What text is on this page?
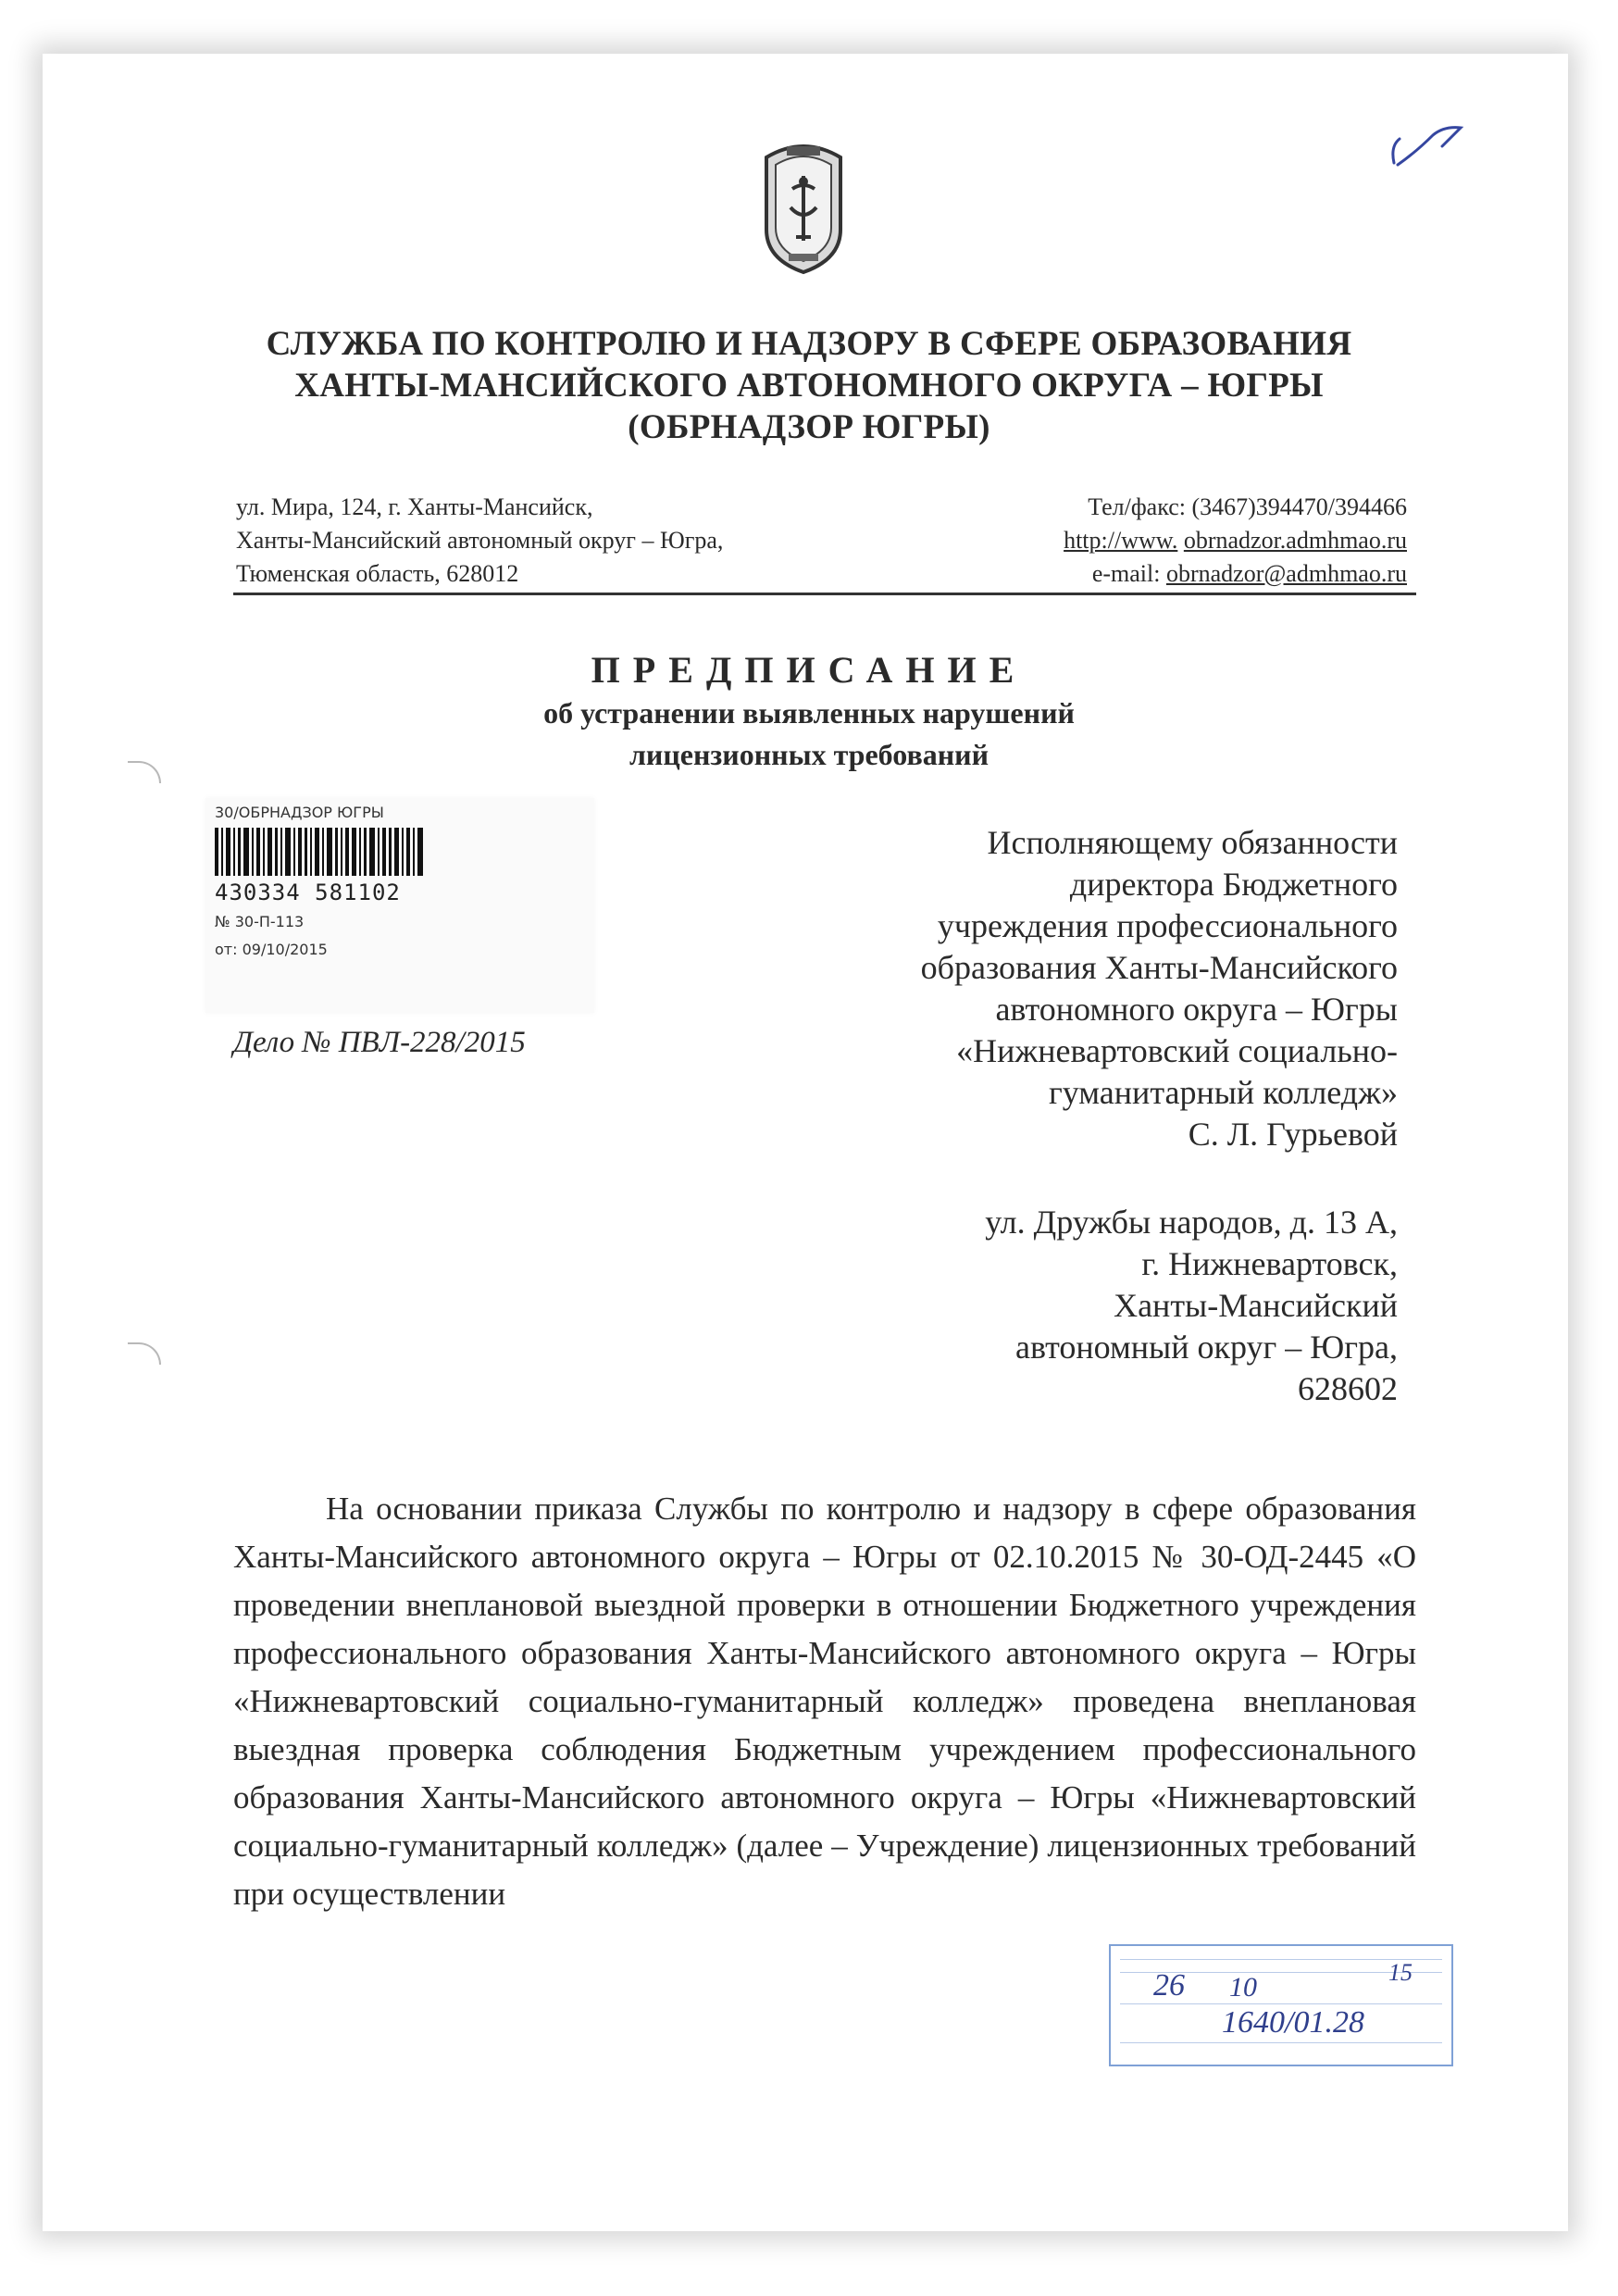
СЛУЖБА ПО КОНТРОЛЮ И НАДЗОРУ В СФЕРЕ ОБРАЗОВАНИЯ
ХАНТЫ-МАНСИЙСКОГО АВТОНОМНОГО ОКРУГА – ЮГРЫ
(ОБРНАДЗОР ЮГРЫ)
ул. Мира, 124, г. Ханты-Мансийск,
Ханты-Мансийский автономный округ – Югра,
Тюменская область, 628012
Тел/факс: (3467)394470/394466
http://www. obrnadzor.admhmao.ru
e-mail: obrnadzor@admhmao.ru
ПРЕДПИСАНИЕ
об устранении выявленных нарушений
лицензионных требований
30/ОБРНАДЗОР ЮГРЫ
430334 581102
№ 30-П-113
от: 09/10/2015
Дело № ПВЛ-228/2015
Исполняющему обязанности
директора Бюджетного
учреждения профессионального
образования Ханты-Мансийского
автономного округа – Югры
«Нижневартовский социально-
гуманитарный колледж»
С. Л. Гурьевой
ул. Дружбы народов, д. 13 А,
г. Нижневартовск,
Ханты-Мансийский
автономный округ – Югра,
628602

На основании приказа Службы по контролю и надзору в сфере образования Ханты-Мансийского автономного округа – Югры от 02.10.2015 № 30-ОД-2445 «О проведении внеплановой выездной проверки в отношении Бюджетного учреждения профессионального образования Ханты-Мансийского автономного округа – Югры «Нижневартовский социально-гуманитарный колледж» проведена внеплановая выездная проверка соблюдения Бюджетным учреждением профессионального образования Ханты-Мансийского автономного округа – Югры «Нижневартовский социально-гуманитарный колледж» (далее – Учреждение) лицензионных требований при осуществлении

26 10	15
1640/01.28
